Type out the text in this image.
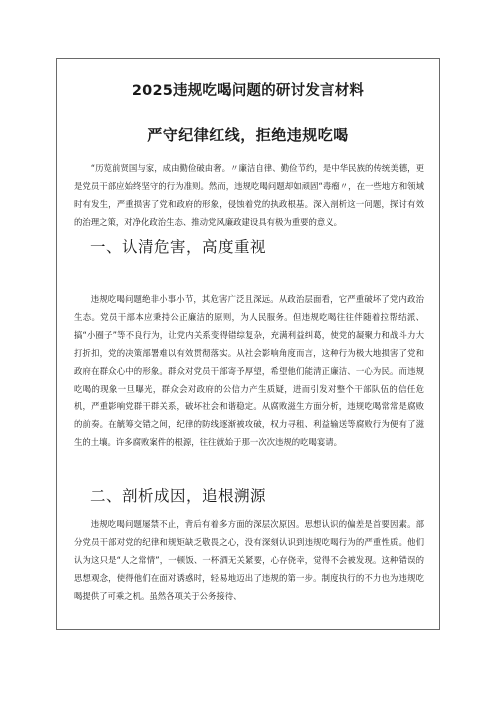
2025违规吃喝问题的研讨发言材料
严守纪律红线，拒绝违规吃喝

“历览前贤国与家，成由勤俭破由奢。〃廉洁自律、勤俭节约，是中华民族的传统美德，更是党员干部应始终坚守的行为准则。然而，违规吃喝问题却如顽固“毒瘤〃，在一些地方和领域时有发生，严重损害了党和政府的形象，侵蚀着党的执政根基。深入剖析这一问题，探讨有效的治理之策，对净化政治生态、推动党风廉政建设具有极为重要的意义。

一、认清危害，高度重视

违规吃喝问题绝非小事小节，其危害广泛且深远。从政治层面看，它严重破坏了党内政治生态。党员干部本应秉持公正廉洁的原则，为人民服务。但违规吃喝往往伴随着拉帮结派、搞“小圈子”等不良行为，让党内关系变得错综复杂，充满利益纠葛，使党的凝聚力和战斗力大打折扣，党的决策部署难以有效贯彻落实。从社会影响角度而言，这种行为极大地损害了党和政府在群众心中的形象。群众对党员干部寄予厚望，希望他们能清正廉洁、一心为民。而违规吃喝的现象一旦曝光，群众会对政府的公信力产生质疑，进而引发对整个干部队伍的信任危机，严重影响党群干群关系，破坏社会和谐稳定。从腐败滋生方面分析，违规吃喝常常是腐败的前奏。在觥筹交错之间，纪律的防线逐渐被攻破，权力寻租、利益输送等腐败行为便有了滋生的土壤。许多腐败案件的根源，往往就始于那一次次违规的吃喝宴请。

二、剖析成因，追根溯源

违规吃喝问题屡禁不止，背后有着多方面的深层次原因。思想认识的偏差是首要因素。部分党员干部对党的纪律和规矩缺乏敬畏之心，没有深刻认识到违规吃喝行为的严重性质。他们认为这只是“人之常情”，一顿饭、一杯酒无关紧要，心存侥幸，觉得不会被发现。这种错误的思想观念，使得他们在面对诱惑时，轻易地迈出了违规的第一步。制度执行的不力也为违规吃喝提供了可乘之机。虽然各项关于公务接待、
